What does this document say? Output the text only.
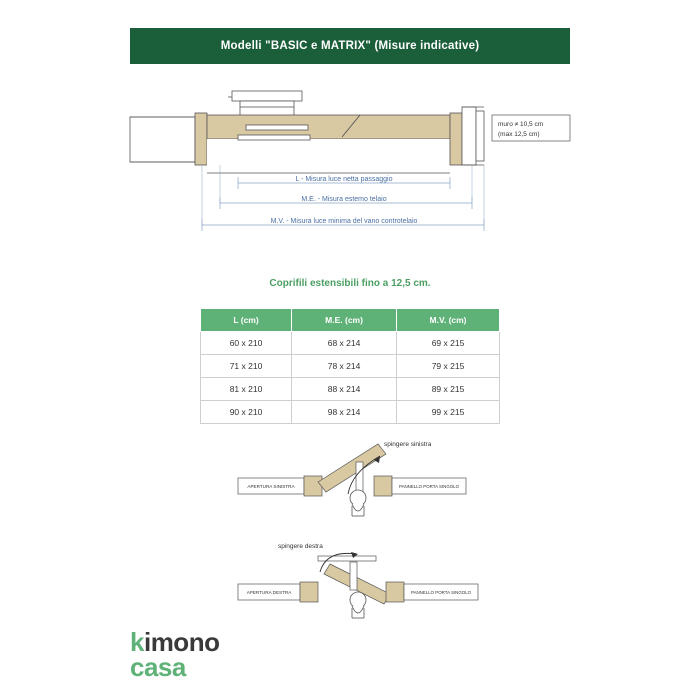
Modelli "BASIC e MATRIX" (Misure indicative)
muro ≠ 10,5 cm
(max 12,5 cm)
L - Misura luce netta passaggio
M.E. - Misura estemo telaio
M.V. - Misura luce minima del vano controtelaio
Coprifili estensibili fino a 12,5 cm.
L (cm)	M.E. (cm)	M.V. (cm)
60 x 210	68 x 214	69 x 215
71 x 210	78 x 214	79 x 215
81 x 210	88 x 214	89 x 215
90 x 210	98 x 214	99 x 215
APERTURA SINISTRA
spingere sinistra
PANNELLO PORTA SINGOLO
APERTURA DESTRA
spingere destra
PANNELLO PORTA SINGOLO
kimono
casa
